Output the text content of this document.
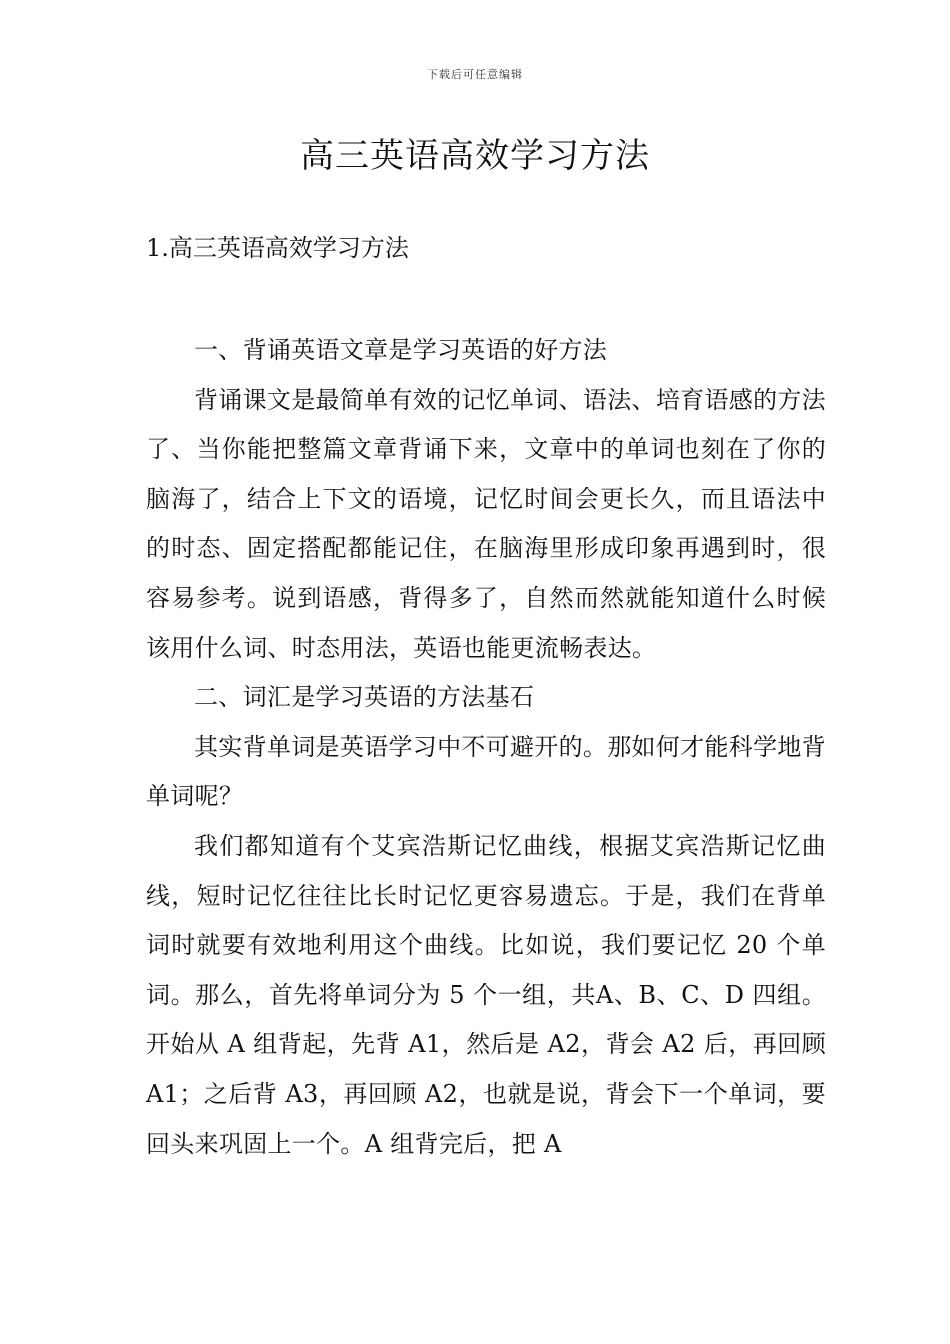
下载后可任意编辑
高三英语高效学习方法

1.高三英语高效学习方法

一、背诵英语文章是学习英语的好方法

背诵课文是最简单有效的记忆单词、语法、培育语感的方法了、当你能把整篇文章背诵下来，文章中的单词也刻在了你的脑海了，结合上下文的语境，记忆时间会更长久，而且语法中的时态、固定搭配都能记住，在脑海里形成印象再遇到时，很容易参考。说到语感，背得多了，自然而然就能知道什么时候该用什么词、时态用法，英语也能更流畅表达。

二、词汇是学习英语的方法基石

其实背单词是英语学习中不可避开的。那如何才能科学地背单词呢？

我们都知道有个艾宾浩斯记忆曲线，根据艾宾浩斯记忆曲线，短时记忆往往比长时记忆更容易遗忘。于是，我们在背单词时就要有效地利用这个曲线。比如说，我们要记忆 20 个单词。那么，首先将单词分为 5 个一组，共A、B、C、D 四组。开始从 A 组背起，先背 A1，然后是 A2，背会 A2 后，再回顾 A1；之后背 A3，再回顾 A2，也就是说，背会下一个单词，要回头来巩固上一个。A 组背完后，把 A
